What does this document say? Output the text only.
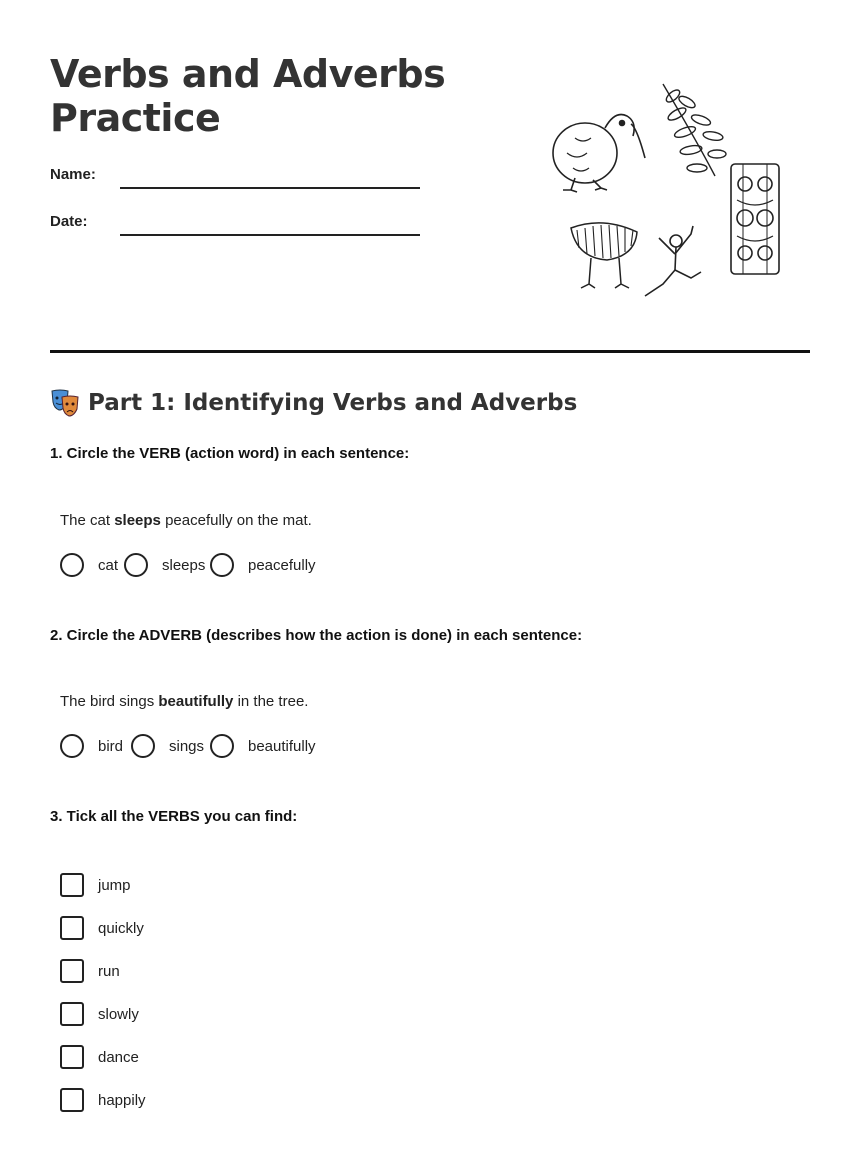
Verbs and Adverbs
Practice
Name:
Date:
Part 1: Identifying Verbs and Adverbs
1. Circle the VERB (action word) in each sentence:
The cat sleeps peacefully on the mat.
cat	sleeps	peacefully
2. Circle the ADVERB (describes how the action is done) in each sentence:
The bird sings beautifully in the tree.
bird	sings	beautifully
3. Tick all the VERBS you can find:
jump
quickly
run
slowly
dance
happily
